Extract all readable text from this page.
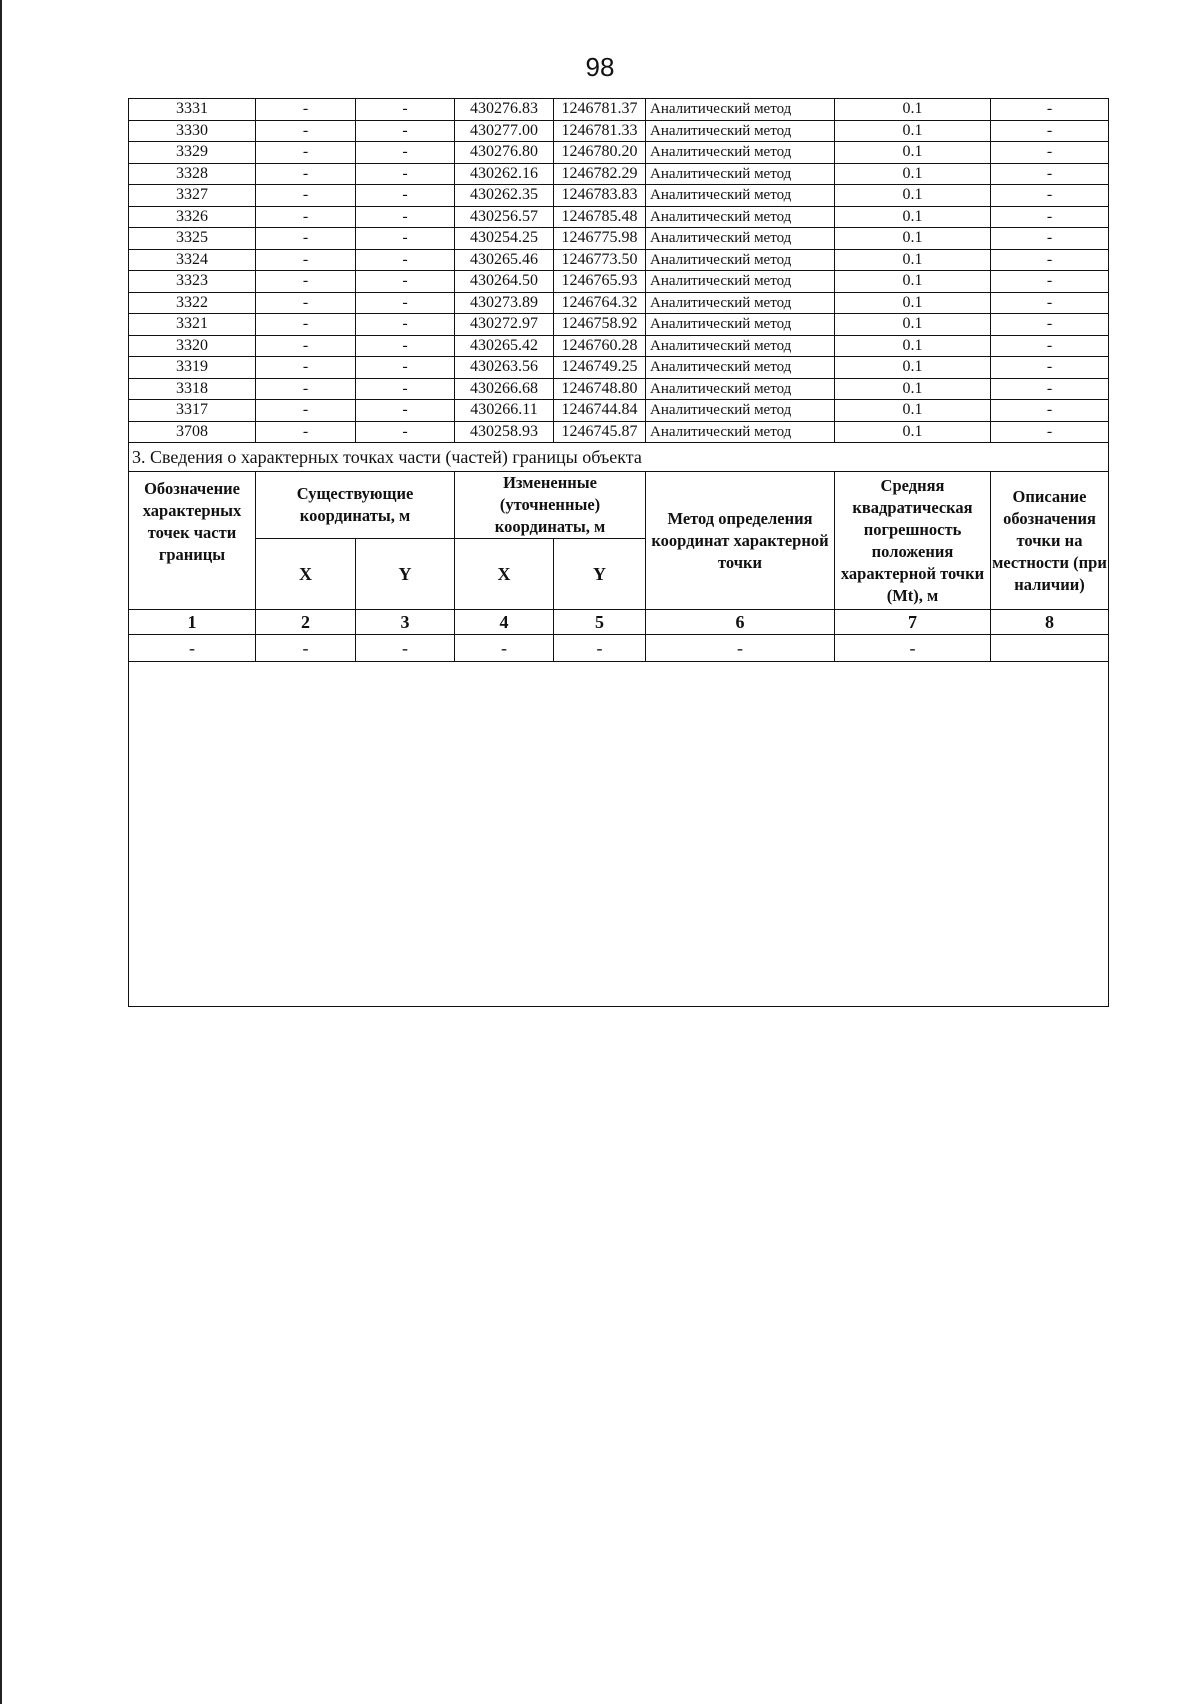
98
3331	-	-	430276.83	1246781.37	Аналитический метод	0.1	-
3330	-	-	430277.00	1246781.33	Аналитический метод	0.1	-
3329	-	-	430276.80	1246780.20	Аналитический метод	0.1	-
3328	-	-	430262.16	1246782.29	Аналитический метод	0.1	-
3327	-	-	430262.35	1246783.83	Аналитический метод	0.1	-
3326	-	-	430256.57	1246785.48	Аналитический метод	0.1	-
3325	-	-	430254.25	1246775.98	Аналитический метод	0.1	-
3324	-	-	430265.46	1246773.50	Аналитический метод	0.1	-
3323	-	-	430264.50	1246765.93	Аналитический метод	0.1	-
3322	-	-	430273.89	1246764.32	Аналитический метод	0.1	-
3321	-	-	430272.97	1246758.92	Аналитический метод	0.1	-
3320	-	-	430265.42	1246760.28	Аналитический метод	0.1	-
3319	-	-	430263.56	1246749.25	Аналитический метод	0.1	-
3318	-	-	430266.68	1246748.80	Аналитический метод	0.1	-
3317	-	-	430266.11	1246744.84	Аналитический метод	0.1	-
3708	-	-	430258.93	1246745.87	Аналитический метод	0.1	-
3. Сведения о характерных точках части (частей) границы объекта							
Обозначение характерных точек части границы	Существующие координаты, м		Измененные (уточненные) координаты, м		Метод определения координат характерной точки	Средняя квадратическая погрешность положения характерной точки (Mt), м	Описание обозначения точки на местности (при наличии)
	X	Y	X	Y			
1	2	3	4	5	6	7	8
-	-	-	-	-	-	-	
